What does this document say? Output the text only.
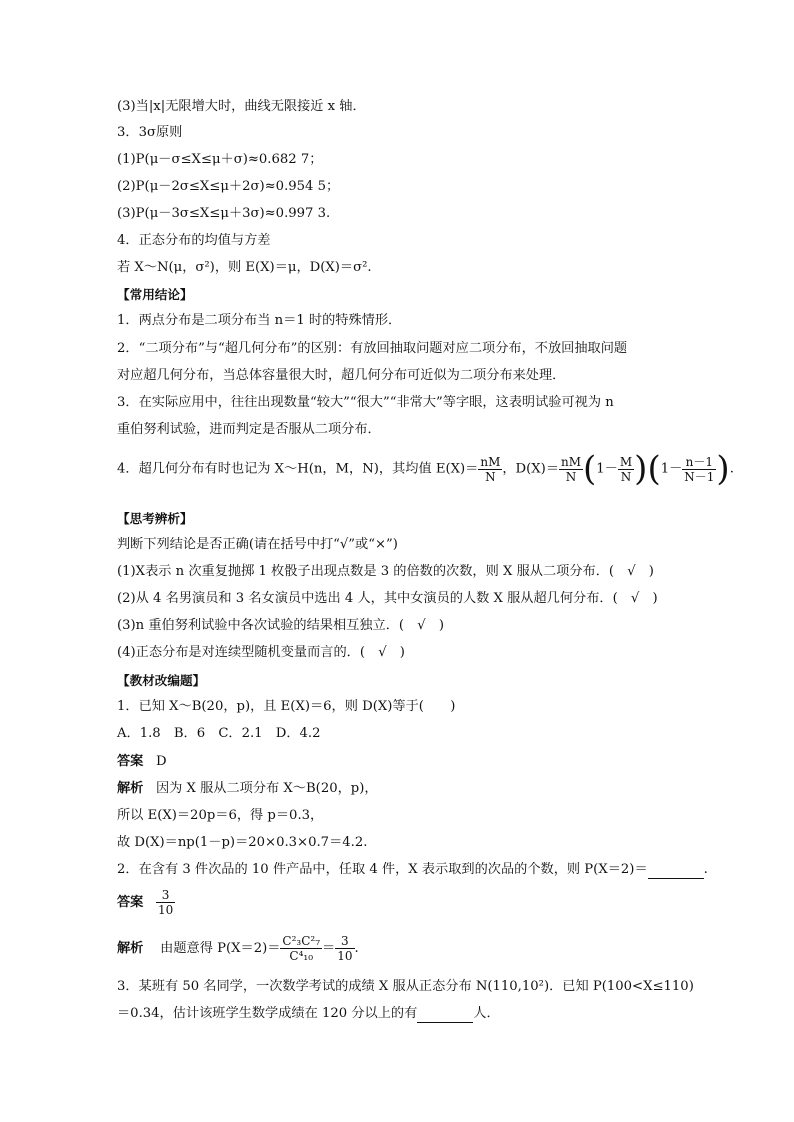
(3)当|x|无限增大时，曲线无限接近 x 轴．
3．3σ原则
(1)P(μ－σ≤X≤μ＋σ)≈0.682 7；
(2)P(μ－2σ≤X≤μ＋2σ)≈0.954 5；
(3)P(μ－3σ≤X≤μ＋3σ)≈0.997 3.
4．正态分布的均值与方差
若 X～N(μ，σ²)，则 E(X)＝μ，D(X)＝σ².
【常用结论】
1．两点分布是二项分布当 n＝1 时的特殊情形．
2．“二项分布”与“超几何分布”的区别：有放回抽取问题对应二项分布，不放回抽取问题
对应超几何分布，当总体容量很大时，超几何分布可近似为二项分布来处理．
3．在实际应用中，往往出现数量“较大”“很大”“非常大”等字眼，这表明试验可视为 n
重伯努利试验，进而判定是否服从二项分布．
4．超几何分布有时也记为 X～H(n，M，N)，其均值 $E(X)= \frac{nM}{N}$ ，$D(X)= \frac{nM}{N} (1- \frac{M}{N} )(1- \frac{n-1}{N-1}$ ).
【思考辨析】
判断下列结论是否正确(请在括号中打“√”或“×”)
(1)X表示 n 次重复抛掷 1 枚骰子出现点数是 3 的倍数的次数，则 X 服从二项分布．(　√　)
(2)从 4 名男演员和 3 名女演员中选出 4 人，其中女演员的人数 X 服从超几何分布．(　√　)
(3)n 重伯努利试验中各次试验的结果相互独立．(　√　)
(4)正态分布是对连续型随机变量而言的．(　√　)
【教材改编题】
1．已知 X～B(20，p)，且 E(X)＝6，则 D(X)等于(　　)
A．1.8　B．6　C．2.1　D．4.2
答案 D
解析 因为 X 服从二项分布 X～B(20，p)，
所以 E(X)＝20p＝6，得 p＝0.3，
故 D(X)＝np(1－p)＝20×0.3×0.7＝4.2.
2．在含有 3 件次品的 10 件产品中，任取 4 件，X 表示取到的次品的个数，则 P(X＝2)＝	.
答案 $\frac{3}{10}$
解析 由题意得 $P(X=2)= \frac{\text{C²₃C²₇}}{\text{C⁴₁₀}} = \frac{3}{10}$ .
3．某班有 50 名同学，一次数学考试的成绩 X 服从正态分布 N(110,10²)．已知 P(100<X≤110)
＝0.34，估计该班学生数学成绩在 120 分以上的有	人．
